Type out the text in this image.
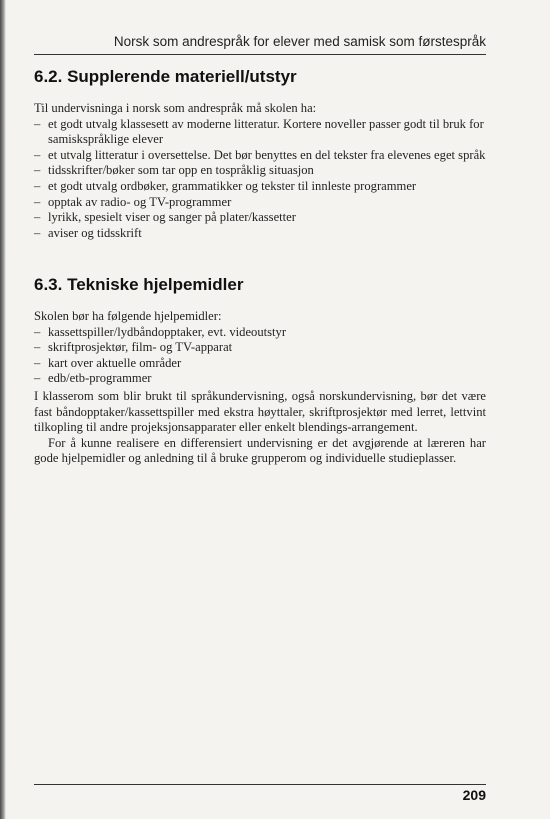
Norsk som andrespråk for elever med samisk som førstespråk
6.2. Supplerende materiell/utstyr

Til undervisninga i norsk som andrespråk må skolen ha:

– et godt utvalg klassesett av moderne litteratur. Kortere noveller passer godt til bruk for samiskspråklige elever
– et utvalg litteratur i oversettelse. Det bør benyttes en del tekster fra elevenes eget språk
– tidsskrifter/bøker som tar opp en tospråklig situasjon
– et godt utvalg ordbøker, grammatikker og tekster til innleste programmer
– opptak av radio- og TV-programmer
– lyrikk, spesielt viser og sanger på plater/kassetter
– aviser og tidsskrift
6.3. Tekniske hjelpemidler

Skolen bør ha følgende hjelpemidler:

– kassettspiller/lydbåndopptaker, evt. videoutstyr
– skriftprosjektør, film- og TV-apparat
– kart over aktuelle områder
– edb/etb-programmer

I klasserom som blir brukt til språkundervisning, også norskundervisning, bør det være fast båndopptaker/kassettspiller med ekstra høyttaler, skriftprosjektør med lerret, lettvint tilkopling til andre projeksjonsapparater eller enkelt blendings-arrangement.

For å kunne realisere en differensiert undervisning er det avgjørende at læreren har gode hjelpemidler og anledning til å bruke grupperom og individuelle studieplasser.

209
